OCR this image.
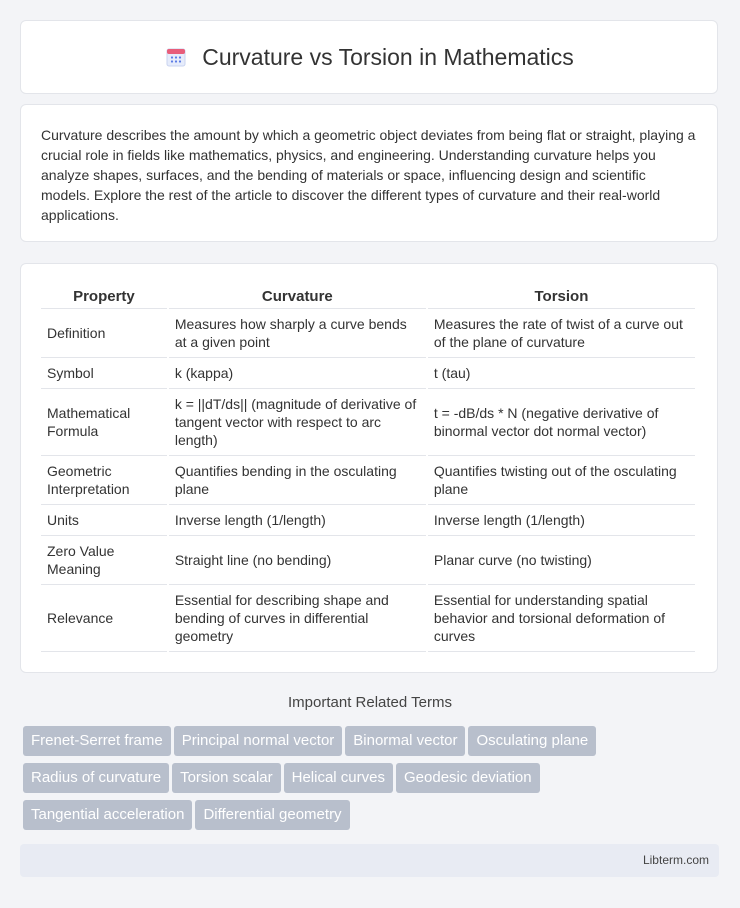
Curvature vs Torsion in Mathematics
Curvature describes the amount by which a geometric object deviates from being flat or straight, playing a crucial role in fields like mathematics, physics, and engineering. Understanding curvature helps you analyze shapes, surfaces, and the bending of materials or space, influencing design and scientific models. Explore the rest of the article to discover the different types of curvature and their real-world applications.
Property	Curvature	Torsion
Definition	Measures how sharply a curve bends at a given point	Measures the rate of twist of a curve out of the plane of curvature
Symbol	k (kappa)	t (tau)
Mathematical Formula	k = ||dT/ds|| (magnitude of derivative of tangent vector with respect to arc length)	t = -dB/ds * N (negative derivative of binormal vector dot normal vector)
Geometric Interpretation	Quantifies bending in the osculating plane	Quantifies twisting out of the osculating plane
Units	Inverse length (1/length)	Inverse length (1/length)
Zero Value Meaning	Straight line (no bending)	Planar curve (no twisting)
Relevance	Essential for describing shape and bending of curves in differential geometry	Essential for understanding spatial behavior and torsional deformation of curves
Important Related Terms
Frenet-Serret frame Principal normal vector Binormal vector Osculating plane
Radius of curvature Torsion scalar Helical curves Geodesic deviation
Tangential acceleration Differential geometry
Libterm.com
